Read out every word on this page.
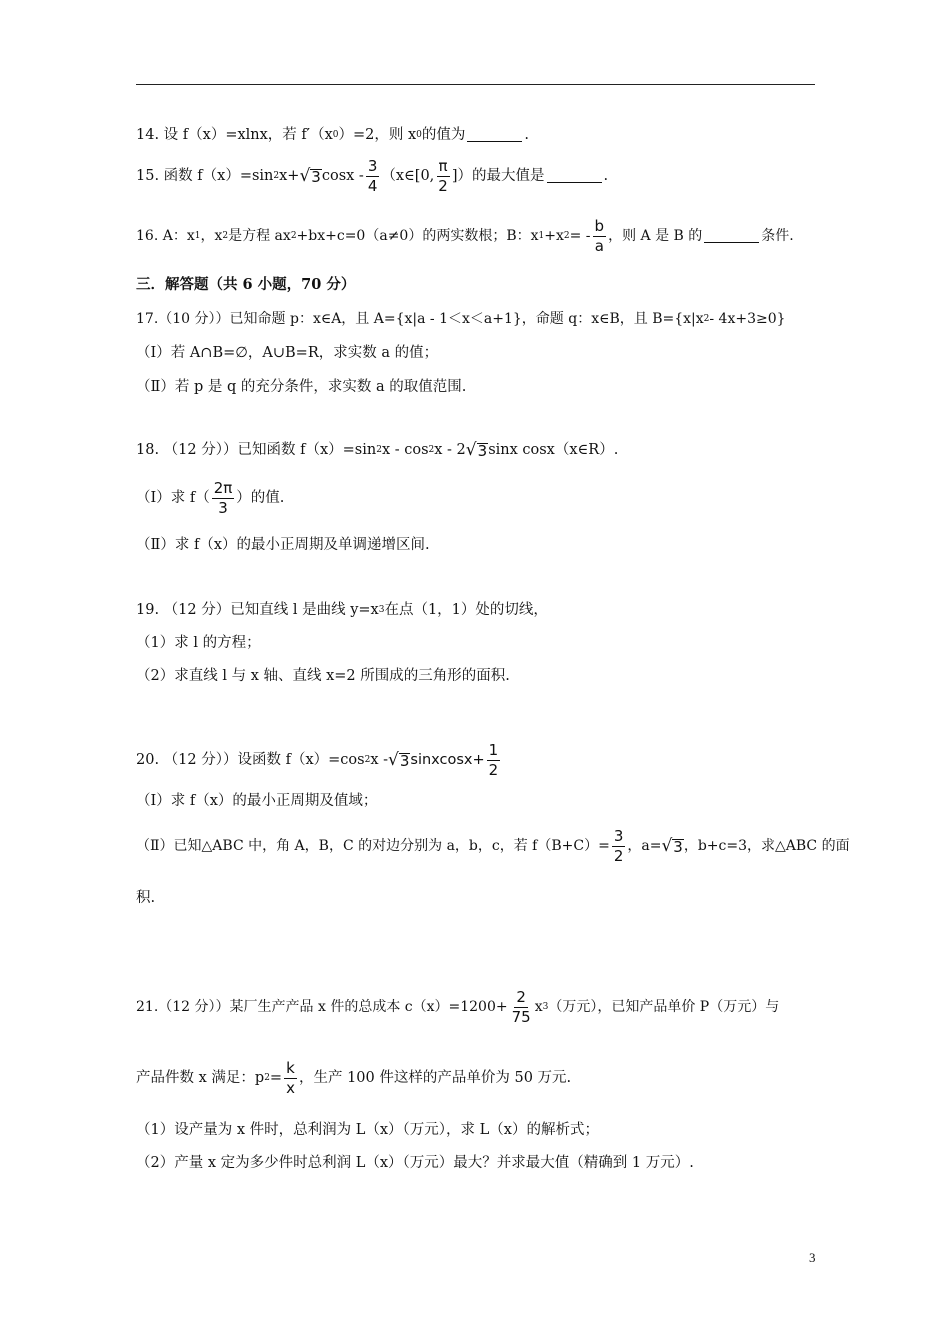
14. 设 f（x）=xlnx，若 f′（x 0 ）=2，则 x 0 的值为	.
15. 函数 f（x）=sin 2 x+ √ 3 cosx - $\frac{3}{4}$ （x∈[0, $\frac{\pi}{2}$ ]）的最大值是	.
16. A：x 1 ，x 2 是方程 ax 2 +bx+c=0（a≠0）的两实数根；B：x 1 +x 2 = - $\frac{b}{a}$ ，则 A 是 B 的	条件.
三．解答题（共 6 小题，70 分）
17.（10 分））已知命题 p：x∈A，且 A={x|a - 1＜x＜a+1}，命题 q：x∈B，且 B={x|x 2 - 4x+3≥0}
（Ⅰ）若 A∩B=∅，A∪B=R，求实数 a 的值；
（Ⅱ）若 p 是 q 的充分条件，求实数 a 的取值范围.
18. （12 分））已知函数 f（x）=sin 2 x - cos 2 x - 2 √ 3 sinx cosx（x∈R）.
（Ⅰ）求 $f( \frac{2\pi}{3}$ ）的值.
（Ⅱ）求 f（x）的最小正周期及单调递增区间.
19. （12 分）已知直线 l 是曲线 y=x 3 在点（1，1）处的切线，
（1）求 l 的方程；
（2）求直线 l 与 x 轴、直线 x=2 所围成的三角形的面积.
20. （12 分））设函数 f（x）=cos 2 x - √ 3 sinxcosx+ $\frac{1}{2}$
（Ⅰ）求 f（x）的最小正周期及值域；
（Ⅱ）已知△ABC 中，角 A，B，C 的对边分别为 a，b，c，若 $f(B+C)= \frac{3}{2}$ ，a= √ 3 ，b+c=3，求△ABC 的面
积.
21.（12 分））某厂生产产品 x 件的总成本 $c(x)=1200+ \frac{2}{75}$ x 3 （万元），已知产品单价 P（万元）与
产品件数 x 满足：p $2 = \frac{k}{x}$ ，生产 100 件这样的产品单价为 50 万元.
（1）设产量为 x 件时，总利润为 L（x）（万元），求 L（x）的解析式；
（2）产量 x 定为多少件时总利润 L（x）（万元）最大？并求最大值（精确到 1 万元）.
3
